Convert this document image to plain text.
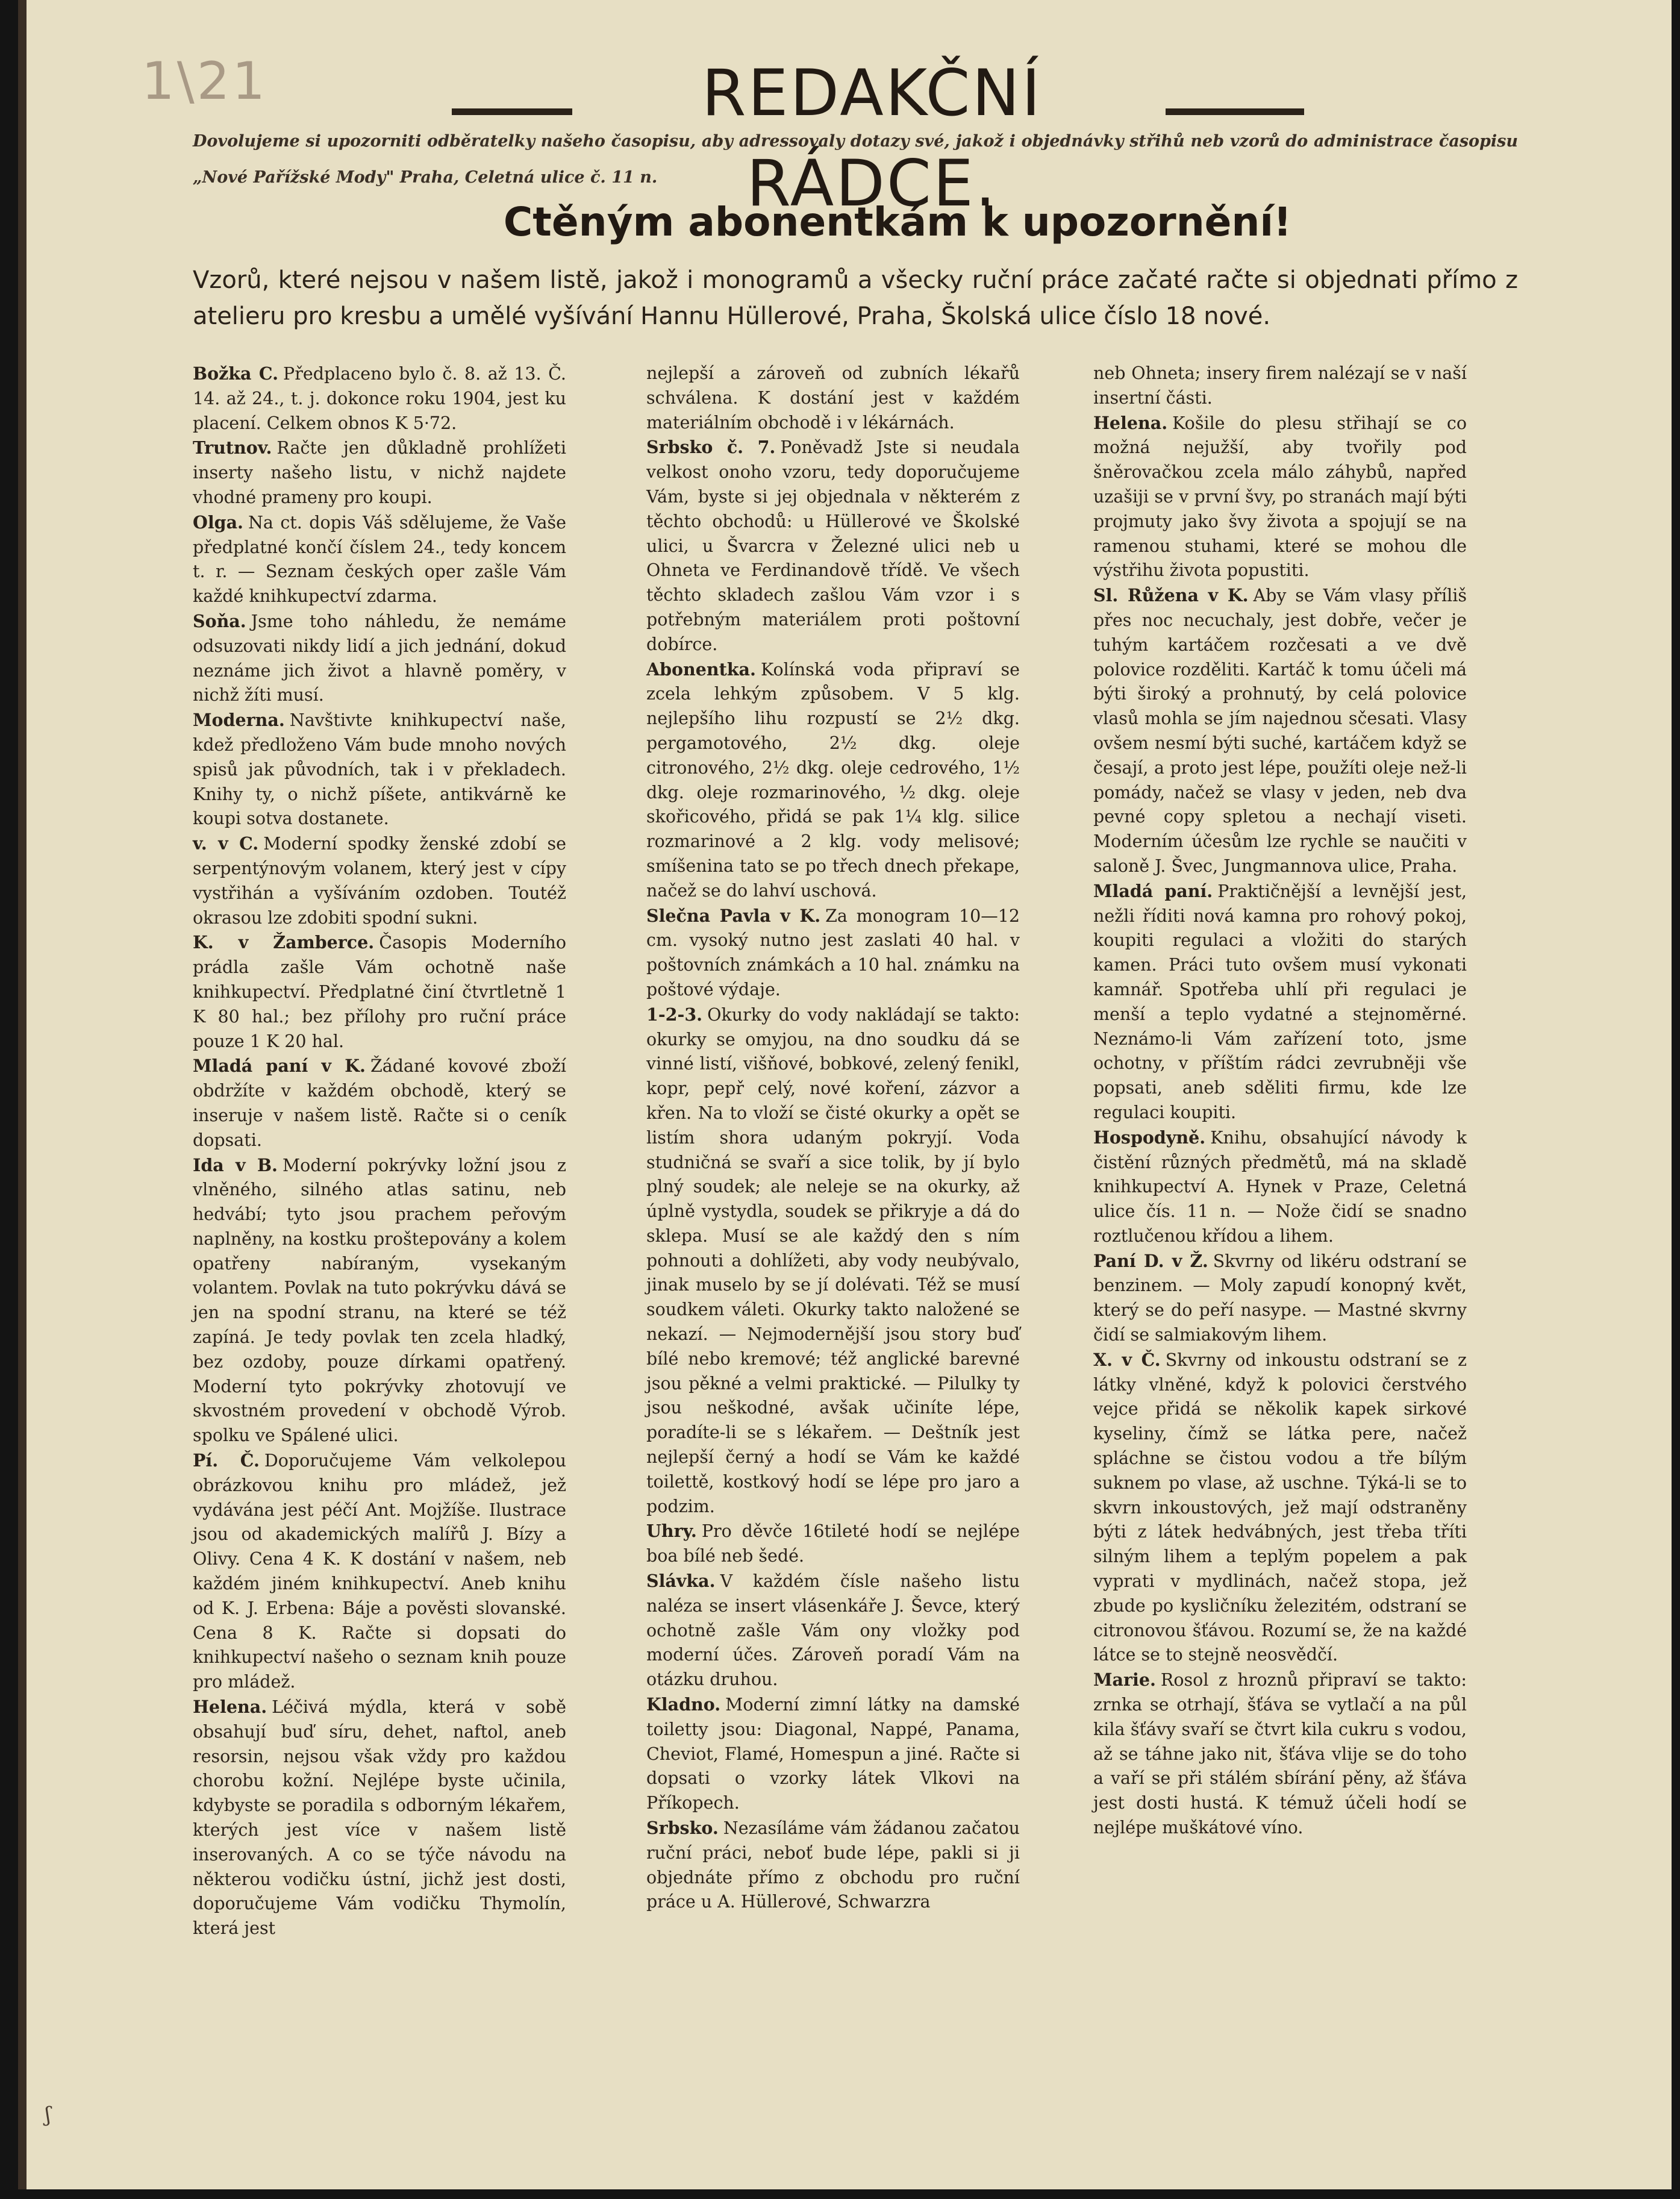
1\21	REDAKČNÍ RÁDCE.
Dovolujeme si upozorniti odběratelky našeho časopisu, aby adressovaly dotazy své, jakož i objednávky střihů neb vzorů do administrace časopisu „Nové Pařížské Mody" Praha, Celetná ulice č. 11 n.
Ctěným abonentkám k upozornění!
Vzorů, které nejsou v našem listě, jakož i monogramů a všecky ruční práce začaté račte si objednati přímo z atelieru pro kresbu a umělé vyšívání Hannu Hüllerové, Praha, Školská ulice číslo 18 nové.

Božka C. Předplaceno bylo č. 8. až 13. Č. 14. až 24., t. j. dokonce roku 1904, jest ku placení. Celkem obnos K 5·72.

Trutnov. Račte jen důkladně prohlížeti inserty našeho listu, v nichž najdete vhodné prameny pro koupi.

Olga. Na ct. dopis Váš sdělujeme, že Vaše předplatné končí číslem 24., tedy koncem t. r. — Seznam českých oper zašle Vám každé knihkupectví zdarma.

Soňa. Jsme toho náhledu, že nemáme odsuzovati nikdy lidí a jich jednání, dokud neznáme jich život a hlavně poměry, v nichž žíti musí.

Moderna. Navštivte knihkupectví naše, kdež předloženo Vám bude mnoho nových spisů jak původních, tak i v překladech. Knihy ty, o nichž píšete, antikvárně ke koupi sotva dostanete.

v. v C. Moderní spodky ženské zdobí se serpentýnovým volanem, který jest v cípy vystřihán a vyšíváním ozdoben. Toutéž okrasou lze zdobiti spodní sukni.

K. v Žamberce. Časopis Moderního prádla zašle Vám ochotně naše knihkupectví. Předplatné činí čtvrtletně 1 K 80 hal.; bez přílohy pro ruční práce pouze 1 K 20 hal.

Mladá paní v K. Žádané kovové zboží obdržíte v každém obchodě, který se inseruje v našem listě. Račte si o ceník dopsati.

Ida v B. Moderní pokrývky ložní jsou z vlněného, silného atlas satinu, neb hedvábí; tyto jsou prachem peřovým naplněny, na kostku proštepovány a kolem opatřeny nabíraným, vysekaným volantem. Povlak na tuto pokrývku dává se jen na spodní stranu, na které se též zapíná. Je tedy povlak ten zcela hladký, bez ozdoby, pouze dírkami opatřený. Moderní tyto pokrývky zhotovují ve skvostném provedení v obchodě Výrob. spolku ve Spálené ulici.

Pí. Č. Doporučujeme Vám velkolepou obrázkovou knihu pro mládež, jež vydávána jest péčí Ant. Mojžíše. Ilustrace jsou od akademických malířů J. Bízy a Olivy. Cena 4 K. K dostání v našem, neb každém jiném knihkupectví. Aneb knihu od K. J. Erbena: Báje a pověsti slovanské. Cena 8 K. Račte si dopsati do knihkupectví našeho o seznam knih pouze pro mládež.

Helena. Léčivá mýdla, která v sobě obsahují buď síru, dehet, naftol, aneb resorsin, nejsou však vždy pro každou chorobu kožní. Nejlépe byste učinila, kdybyste se poradila s odborným lékařem, kterých jest více v našem listě inserovaných. A co se týče návodu na některou vodičku ústní, jichž jest dosti, doporučujeme Vám vodičku Thymolín, která jest

nejlepší a zároveň od zubních lékařů schválena. K dostání jest v každém materiálním obchodě i v lékárnách.

Srbsko č. 7. Poněvadž Jste si neudala velkost onoho vzoru, tedy doporučujeme Vám, byste si jej objednala v některém z těchto obchodů: u Hüllerové ve Školské ulici, u Švarcra v Železné ulici neb u Ohneta ve Ferdinandově třídě. Ve všech těchto skladech zašlou Vám vzor i s potřebným materiálem proti poštovní dobírce.

Abonentka. Kolínská voda připraví se zcela lehkým způsobem. V 5 klg. nejlepšího lihu rozpustí se 2½ dkg. pergamotového, 2½ dkg. oleje citronového, 2½ dkg. oleje cedrového, 1½ dkg. oleje rozmarinového, ½ dkg. oleje skořicového, přidá se pak 1¼ klg. silice rozmarinové a 2 klg. vody melisové; smíšenina tato se po třech dnech překape, načež se do lahví uschová.

Slečna Pavla v K. Za monogram 10—12 cm. vysoký nutno jest zaslati 40 hal. v poštovních známkách a 10 hal. známku na poštové výdaje.

1-2-3. Okurky do vody nakládají se takto: okurky se omyjou, na dno soudku dá se vinné listí, višňové, bobkové, zelený fenikl, kopr, pepř celý, nové koření, zázvor a křen. Na to vloží se čisté okurky a opět se listím shora udaným pokryjí. Voda studničná se svaří a sice tolik, by jí bylo plný soudek; ale neleje se na okurky, až úplně vystydla, soudek se přikryje a dá do sklepa. Musí se ale každý den s ním pohnouti a dohlížeti, aby vody neubývalo, jinak muselo by se jí dolévati. Též se musí soudkem váleti. Okurky takto naložené se nekazí. — Nejmodernější jsou story buď bílé nebo kremové; též anglické barevné jsou pěkné a velmi praktické. — Pilulky ty jsou neškodné, avšak učiníte lépe, poradíte-li se s lékařem. — Deštník jest nejlepší černý a hodí se Vám ke každé toilettě, kostkový hodí se lépe pro jaro a podzim.

Uhry. Pro děvče 16tileté hodí se nejlépe boa bílé neb šedé.

Slávka. V každém čísle našeho listu naléza se insert vlásenkáře J. Ševce, který ochotně zašle Vám ony vložky pod moderní účes. Zároveň poradí Vám na otázku druhou.

Kladno. Moderní zimní látky na damské toiletty jsou: Diagonal, Nappé, Panama, Cheviot, Flamé, Homespun a jiné. Račte si dopsati o vzorky látek Vlkovi na Příkopech.

Srbsko. Nezasíláme vám žádanou začatou ruční práci, neboť bude lépe, pakli si ji objednáte přímo z obchodu pro ruční práce u A. Hüllerové, Schwarzra

neb Ohneta; insery firem nalézají se v naší insertní části.

Helena. Košile do plesu střihají se co možná nejužší, aby tvořily pod šněrovačkou zcela málo záhybů, napřed uzašiji se v první švy, po stranách mají býti projmuty jako švy života a spojují se na ramenou stuhami, které se mohou dle výstřihu života popustiti.

Sl. Růžena v K. Aby se Vám vlasy příliš přes noc necuchaly, jest dobře, večer je tuhým kartáčem rozčesati a ve dvě polovice rozděliti. Kartáč k tomu účeli má býti široký a prohnutý, by celá polovice vlasů mohla se jím najednou sčesati. Vlasy ovšem nesmí býti suché, kartáčem když se česají, a proto jest lépe, použíti oleje než-li pomády, načež se vlasy v jeden, neb dva pevné copy spletou a nechají viseti. Moderním účesům lze rychle se naučiti v saloně J. Švec, Jungmannova ulice, Praha.

Mladá paní. Praktičnější a levnější jest, nežli říditi nová kamna pro rohový pokoj, koupiti regulaci a vložiti do starých kamen. Práci tuto ovšem musí vykonati kamnář. Spotřeba uhlí při regulaci je menší a teplo vydatné a stejnoměrné. Neznámo-li Vám zařízení toto, jsme ochotny, v příštím rádci zevrubněji vše popsati, aneb sděliti firmu, kde lze regulaci koupiti.

Hospodyně. Knihu, obsahující návody k čistění různých předmětů, má na skladě knihkupectví A. Hynek v Praze, Celetná ulice čís. 11 n. — Nože čidí se snadno roztlučenou křídou a lihem.

Paní D. v Ž. Skvrny od likéru odstraní se benzinem. — Moly zapudí konopný květ, který se do peří nasype. — Mastné skvrny čidí se salmiakovým lihem.

X. v Č. Skvrny od inkoustu odstraní se z látky vlněné, když k polovici čerstvého vejce přidá se několik kapek sirkové kyseliny, čímž se látka pere, načež spláchne se čistou vodou a tře bílým suknem po vlase, až uschne. Týká-li se to skvrn inkoustových, jež mají odstraněny býti z látek hedvábných, jest třeba tříti silným lihem a teplým popelem a pak vyprati v mydlinách, načež stopa, jež zbude po kysličníku železitém, odstraní se citronovou šťávou. Rozumí se, že na každé látce se to stejně neosvědčí.

Marie. Rosol z hroznů připraví se takto: zrnka se otrhají, šťáva se vytlačí a na půl kila šťávy svaří se čtvrt kila cukru s vodou, až se táhne jako nit, šťáva vlije se do toho a vaří se při stálém sbírání pěny, až šťáva jest dosti hustá. K témuž účeli hodí se nejlépe muškátové víno.

ʃ
